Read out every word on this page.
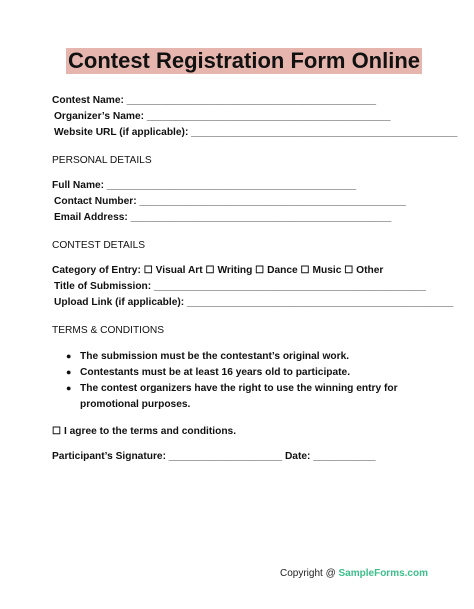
Contest Registration Form Online
Contest Name: ____________________________________________
Organizer’s Name: ___________________________________________
Website URL (if applicable): _______________________________________________
PERSONAL DETAILS
Full Name: ____________________________________________
Contact Number: _______________________________________________
Email Address: ______________________________________________
CONTEST DETAILS
Category of Entry: ☐ Visual Art ☐ Writing ☐ Dance ☐ Music ☐ Other
Title of Submission: ________________________________________________
Upload Link (if applicable): _______________________________________________
TERMS & CONDITIONS
● The submission must be the contestant’s original work.
● Contestants must be at least 16 years old to participate.
● The contest organizers have the right to use the winning entry for
promotional purposes.
☐ I agree to the terms and conditions.
Participant’s Signature: ____________________ Date: ___________
Copyright @ SampleForms.com
